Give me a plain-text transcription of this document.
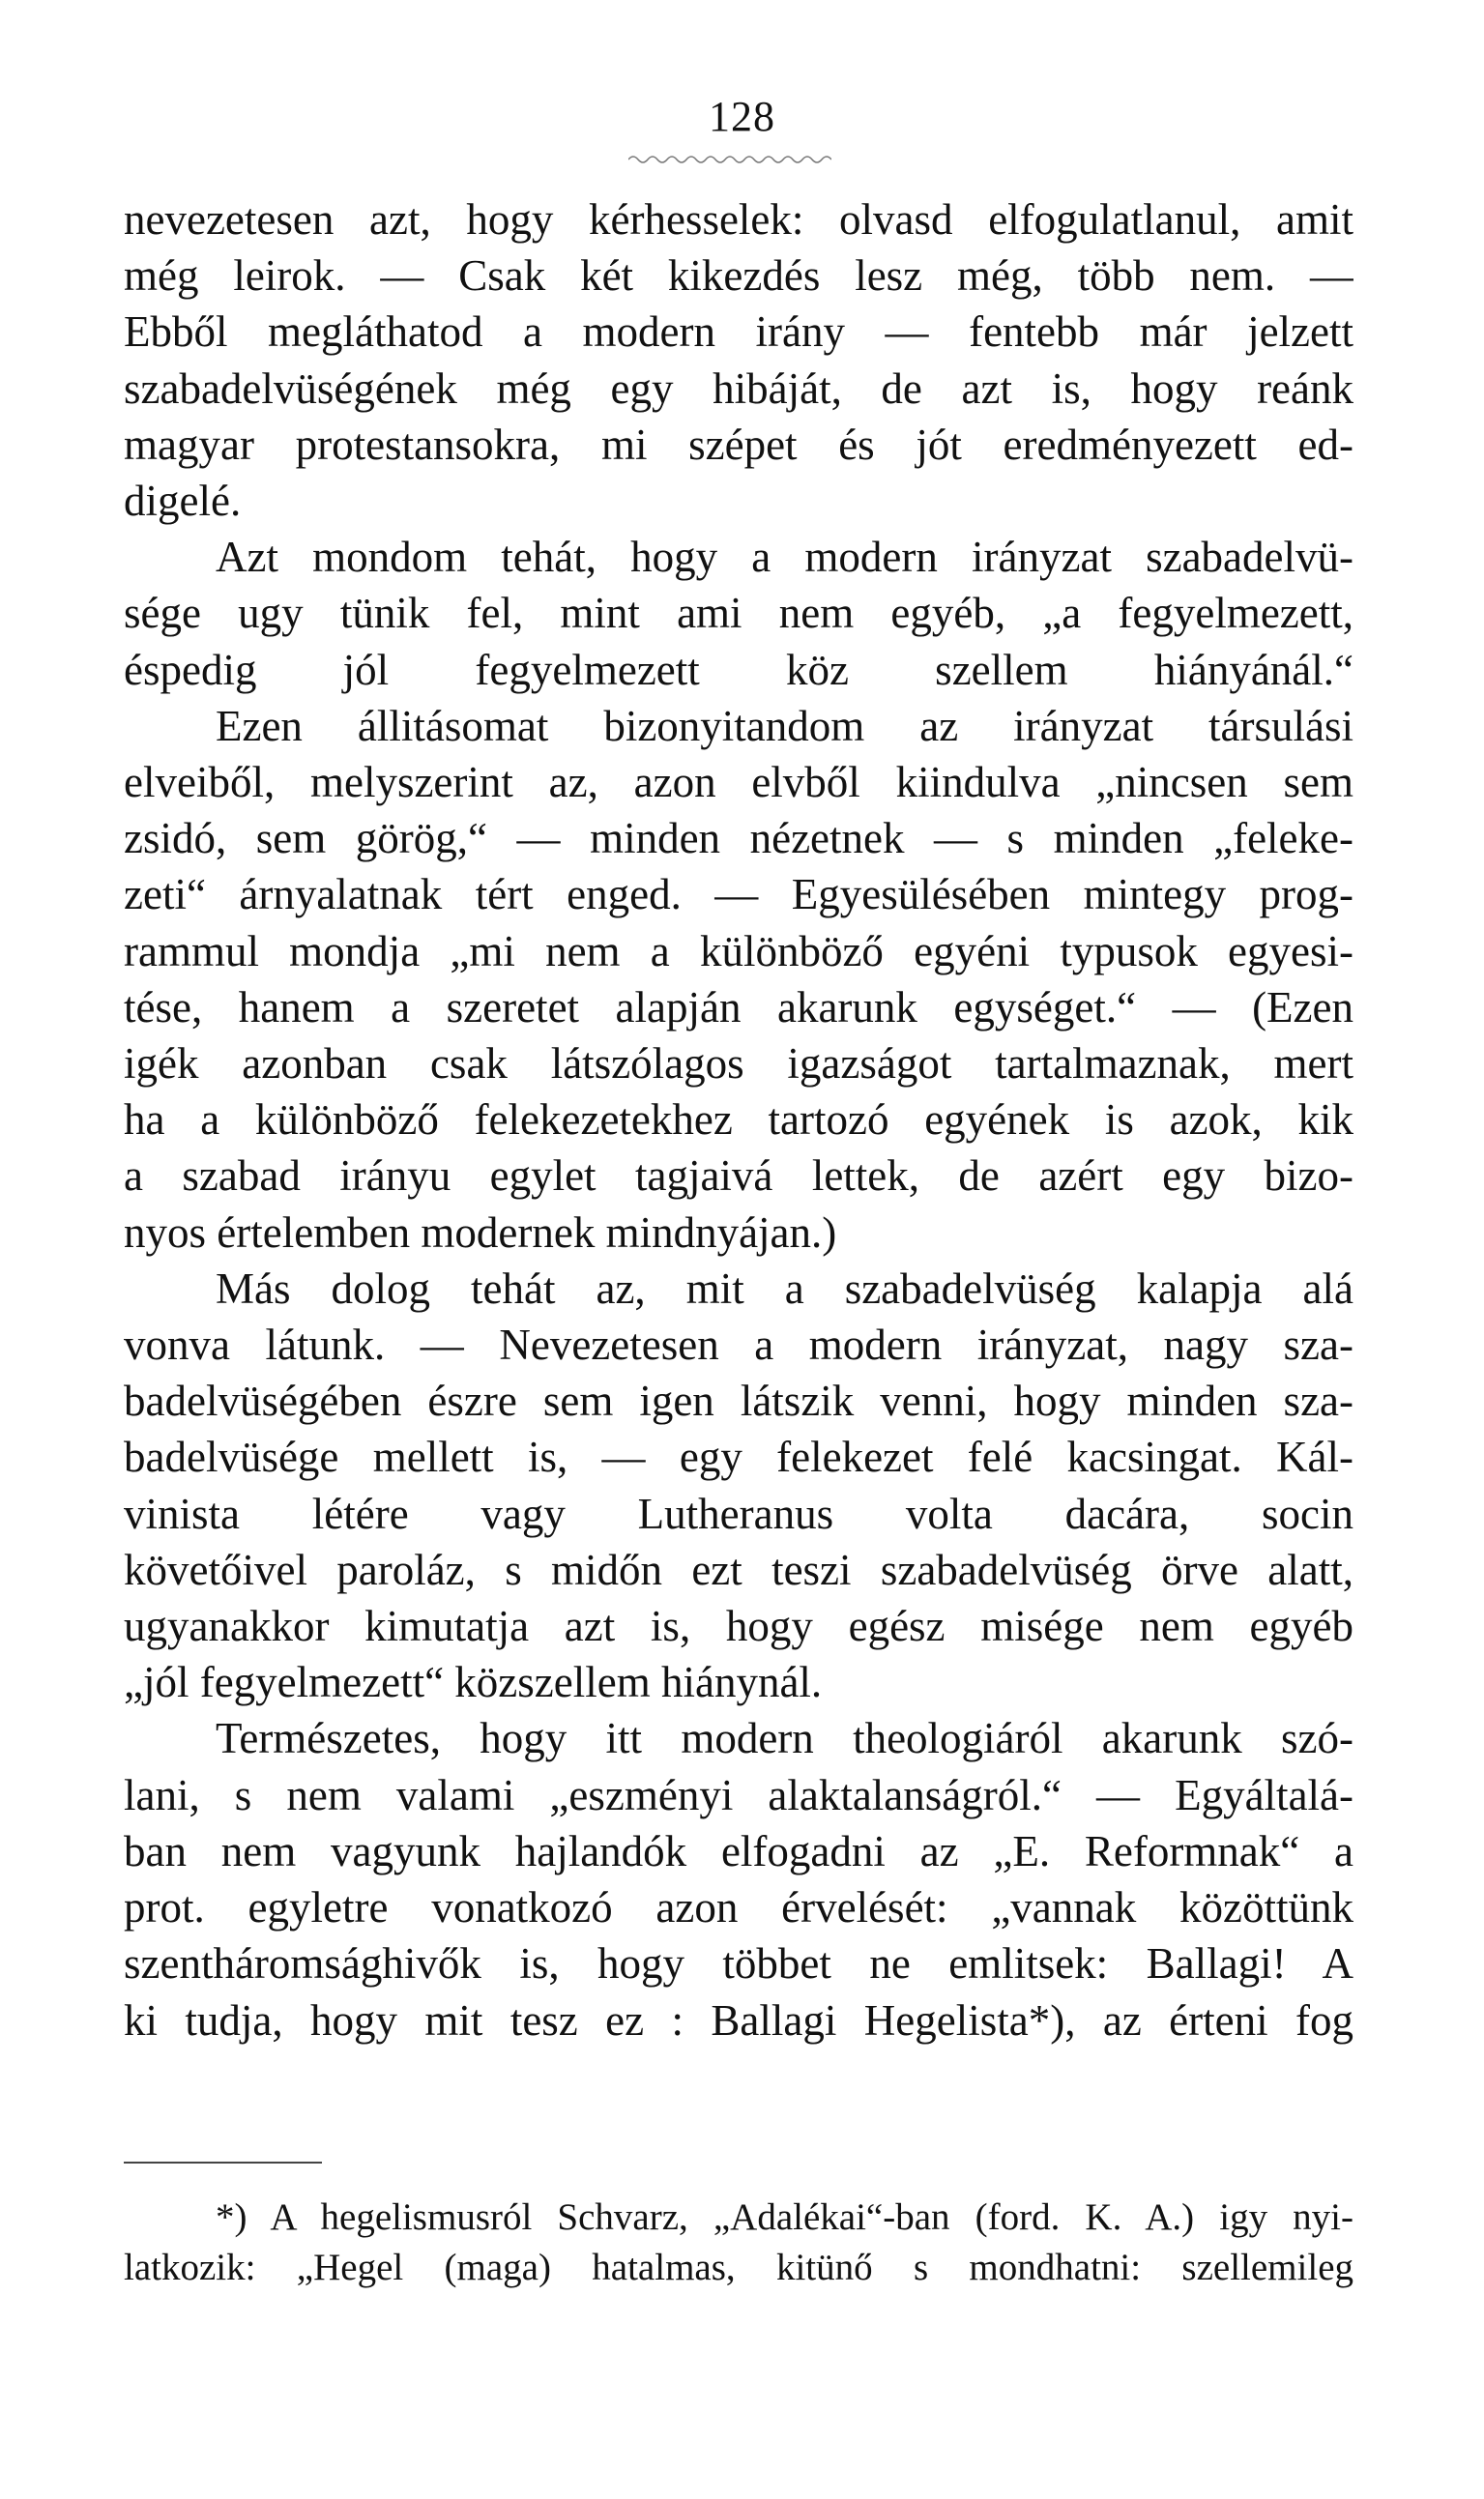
128
nevezetesen azt, hogy kérhesselek: olvasd elfogulatlanul, amit
még leirok. — Csak két kikezdés lesz még, több nem. —
Ebből megláthatod a modern irány — fentebb már jelzett
szabadelvüségének még egy hibáját, de azt is, hogy reánk
magyar protestansokra, mi szépet és jót eredményezett ed-
digelé.
Azt mondom tehát, hogy a modern irányzat szabadelvü-
sége ugy tünik fel, mint ami nem egyéb, „a fegyelmezett,
éspedig jól fegyelmezett köz szellem hiányánál.“
Ezen állitásomat bizonyitandom az irányzat társulási
elveiből, melyszerint az, azon elvből kiindulva „nincsen sem
zsidó, sem görög,“ — minden nézetnek — s minden „feleke-
zeti“ árnyalatnak tért enged. — Egyesülésében mintegy prog-
rammul mondja „mi nem a különböző egyéni typusok egyesi-
tése, hanem a szeretet alapján akarunk egységet.“ — (Ezen
igék azonban csak látszólagos igazságot tartalmaznak, mert
ha a különböző felekezetekhez tartozó egyének is azok, kik
a szabad irányu egylet tagjaivá lettek, de azért egy bizo-
nyos értelemben modernek mindnyájan.)
Más dolog tehát az, mit a szabadelvüség kalapja alá
vonva látunk. — Nevezetesen a modern irányzat, nagy sza-
badelvüségében észre sem igen látszik venni, hogy minden sza-
badelvüsége mellett is, — egy felekezet felé kacsingat. Kál-
vinista létére vagy Lutheranus volta dacára, socin
követőivel paroláz, s midőn ezt teszi szabadelvüség örve alatt,
ugyanakkor kimutatja azt is, hogy egész misége nem egyéb
„jól fegyelmezett“ közszellem hiánynál.
Természetes, hogy itt modern theologiáról akarunk szó-
lani, s nem valami „eszményi alaktalanságról.“ — Egyáltalá-
ban nem vagyunk hajlandók elfogadni az „E. Reformnak“ a
prot. egyletre vonatkozó azon érvelését: „vannak közöttünk
szentháromsághivők is, hogy többet ne emlitsek: Ballagi! A
ki tudja, hogy mit tesz ez : Ballagi Hegelista*), az érteni fog
*) A hegelismusról Schvarz, „Adalékai“-ban (ford. K. A.) igy nyi-
latkozik: „Hegel (maga) hatalmas, kitünő s mondhatni: szellemileg
